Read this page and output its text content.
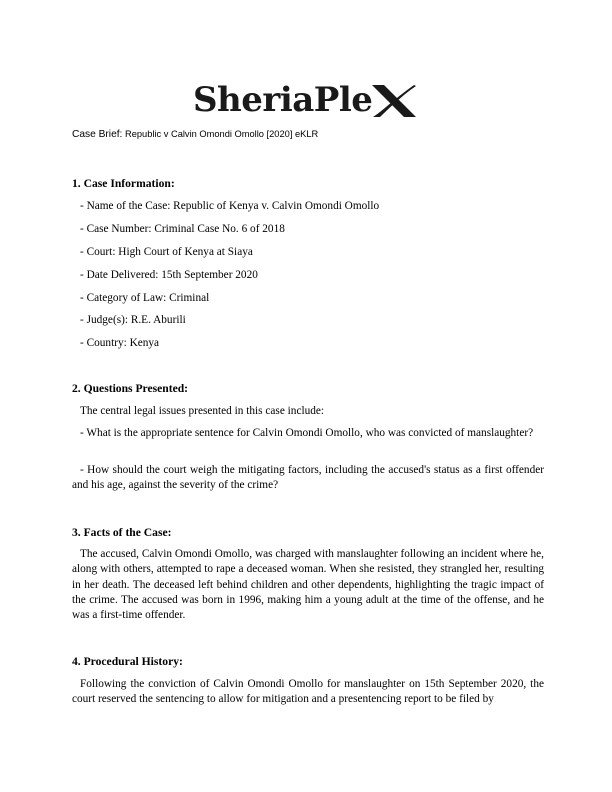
SheriaPle
Case Brief: Republic v Calvin Omondi Omollo [2020] eKLR
1. Case Information:
- Name of the Case: Republic of Kenya v. Calvin Omondi Omollo
- Case Number: Criminal Case No. 6 of 2018
- Court: High Court of Kenya at Siaya
- Date Delivered: 15th September 2020
- Category of Law: Criminal
- Judge(s): R.E. Aburili
- Country: Kenya
2. Questions Presented:
The central legal issues presented in this case include:
- What is the appropriate sentence for Calvin Omondi Omollo, who was convicted of manslaughter?
- How should the court weigh the mitigating factors, including the accused's status as a first offender and his age, against the severity of the crime?
3. Facts of the Case:
The accused, Calvin Omondi Omollo, was charged with manslaughter following an incident where he, along with others, attempted to rape a deceased woman. When she resisted, they strangled her, resulting in her death. The deceased left behind children and other dependents, highlighting the tragic impact of the crime. The accused was born in 1996, making him a young adult at the time of the offense, and he was a first-time offender.
4. Procedural History:
Following the conviction of Calvin Omondi Omollo for manslaughter on 15th September 2020, the court reserved the sentencing to allow for mitigation and a presentencing report to be filed by
